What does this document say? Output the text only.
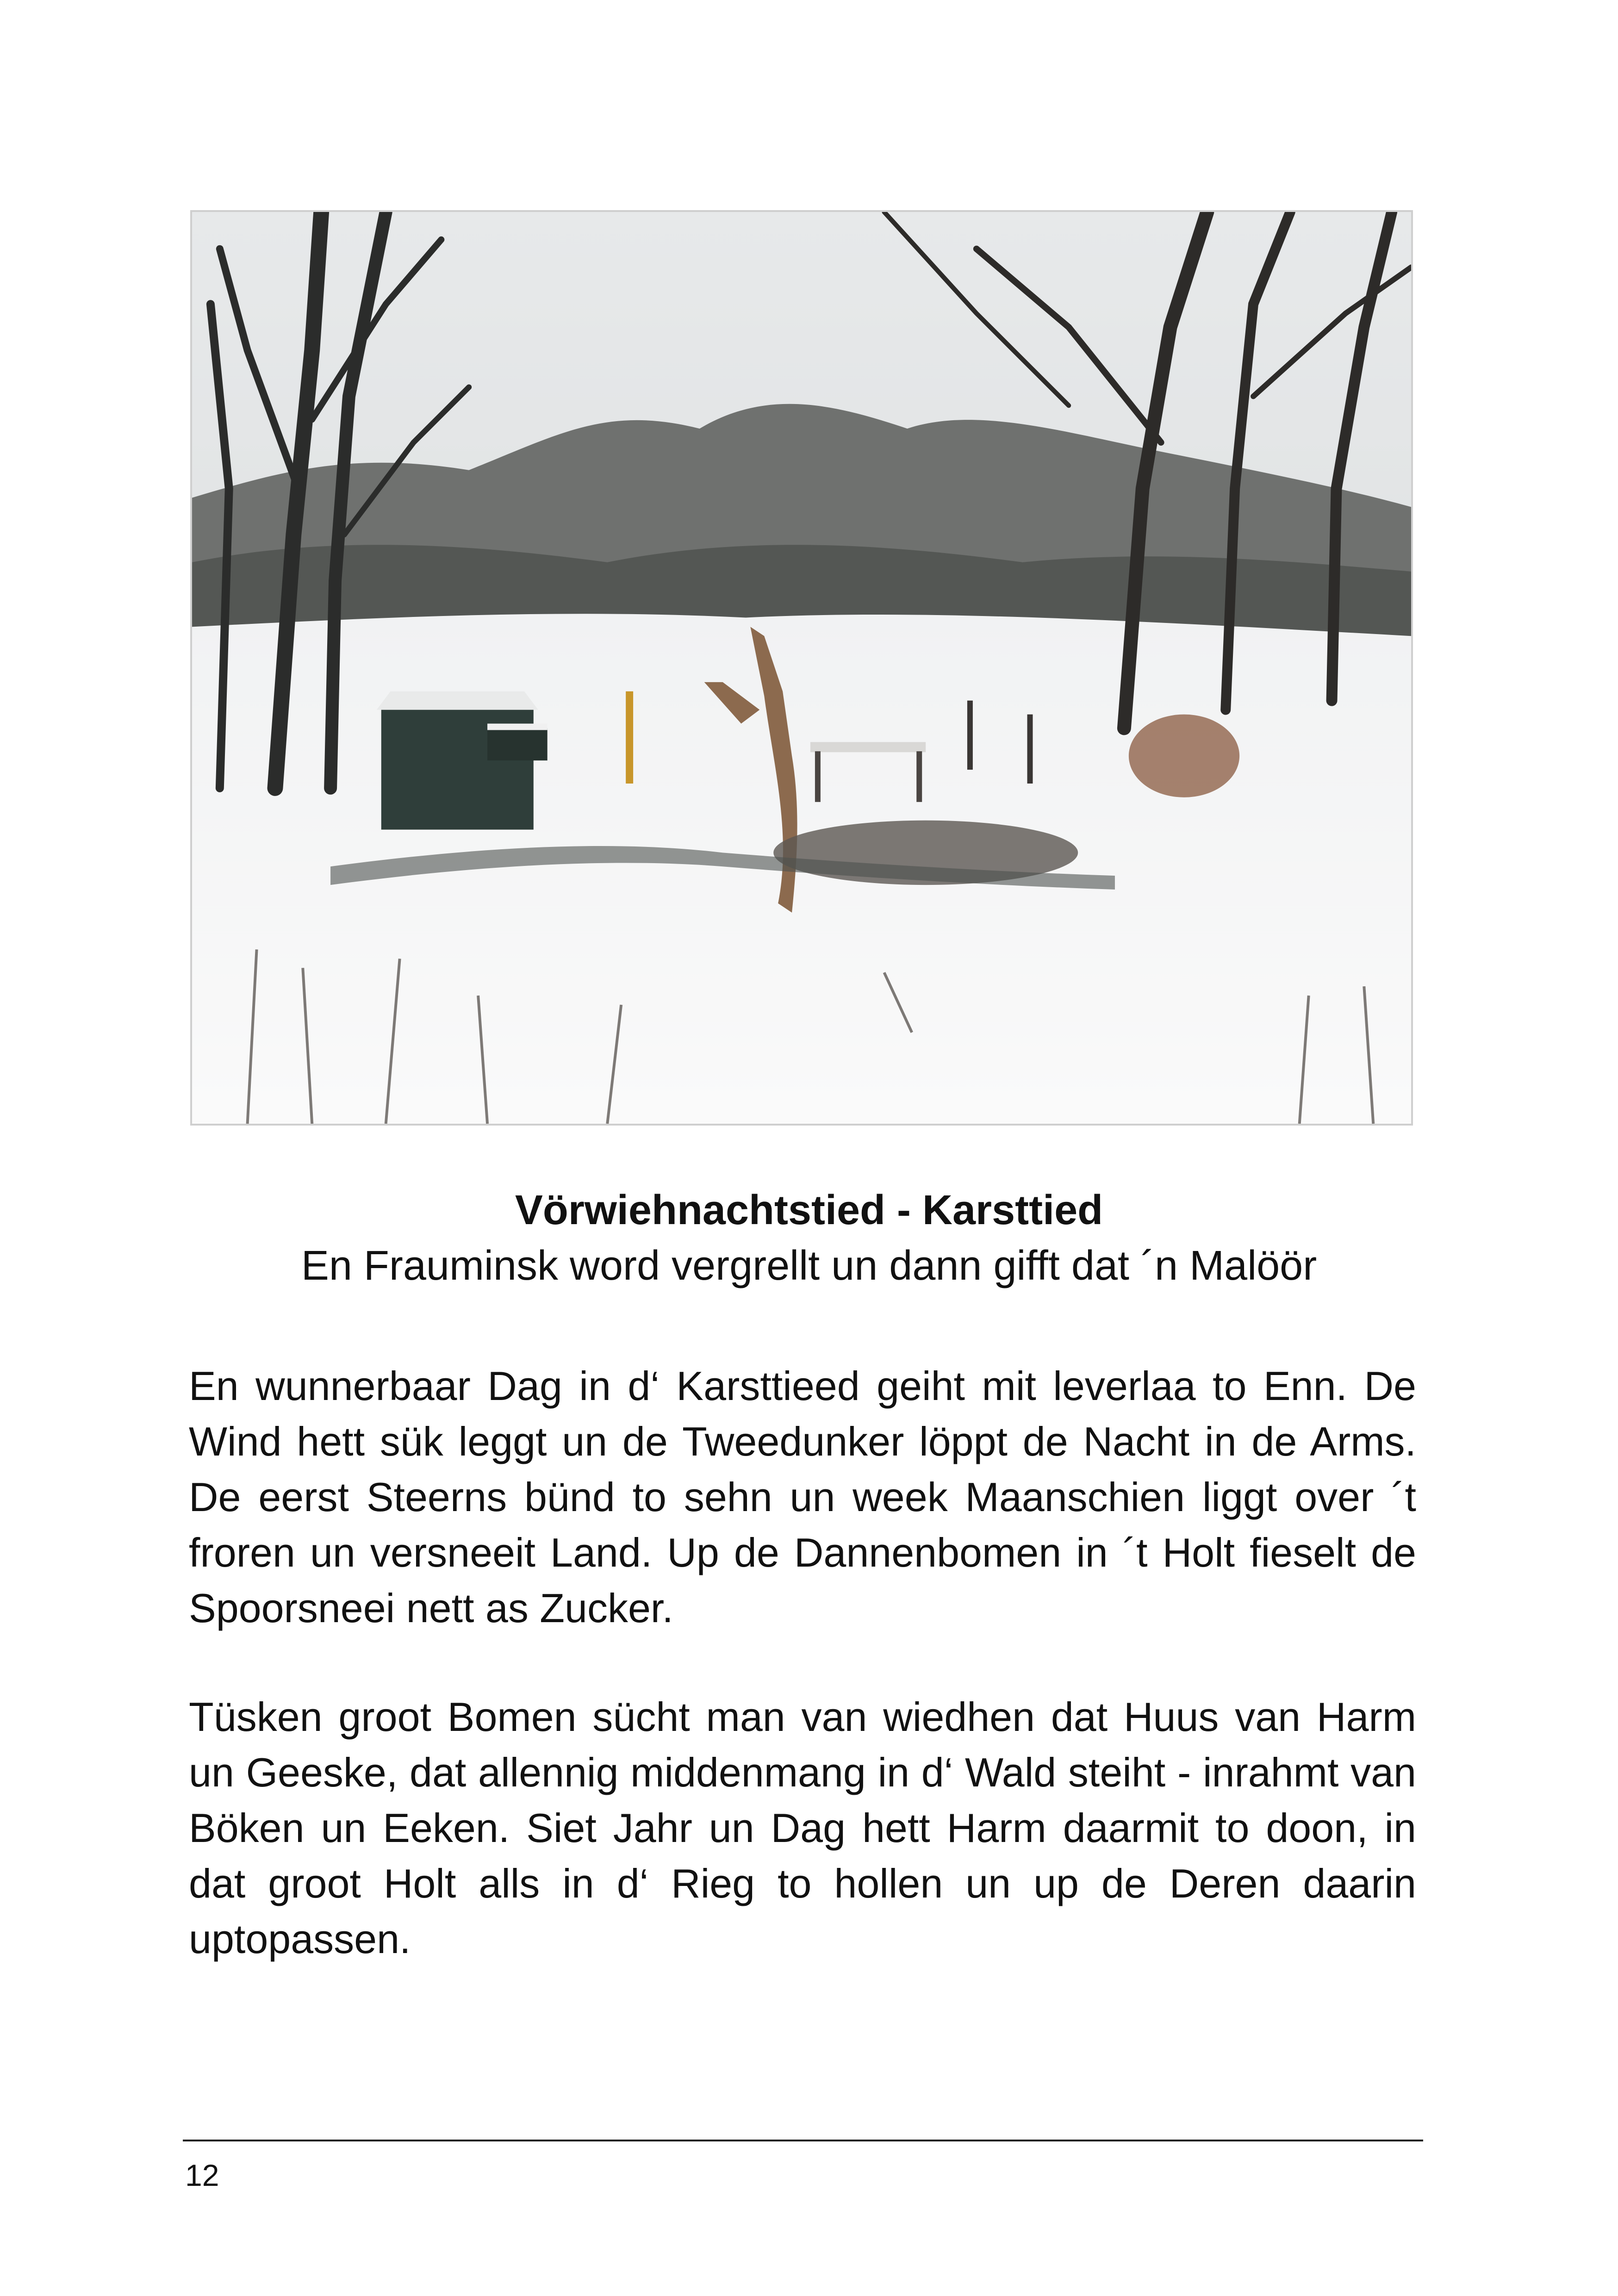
Vörwiehnachtstied - Karsttied
En Frauminsk word vergrellt un dann gifft dat ´n Malöör

En wunnerbaar Dag in d‘ Karsttieed geiht mit leverlaa to Enn. De Wind hett sük leggt un de Tweedunker löppt de Nacht in de Arms. De eerst Steerns bünd to sehn un week Maanschien liggt over ´t froren un versneeit Land. Up de Dannenbomen in ´t Holt fieselt de Spoorsneei nett as Zucker.

Tüsken groot Bomen sücht man van wiedhen dat Huus van Harm un Geeske, dat allennig middenmang in d‘ Wald steiht - inrahmt van Böken un Eeken. Siet Jahr un Dag hett Harm daarmit to doon, in dat groot Holt alls in d‘ Rieg to hollen un up de Deren daarin uptopassen.

12
